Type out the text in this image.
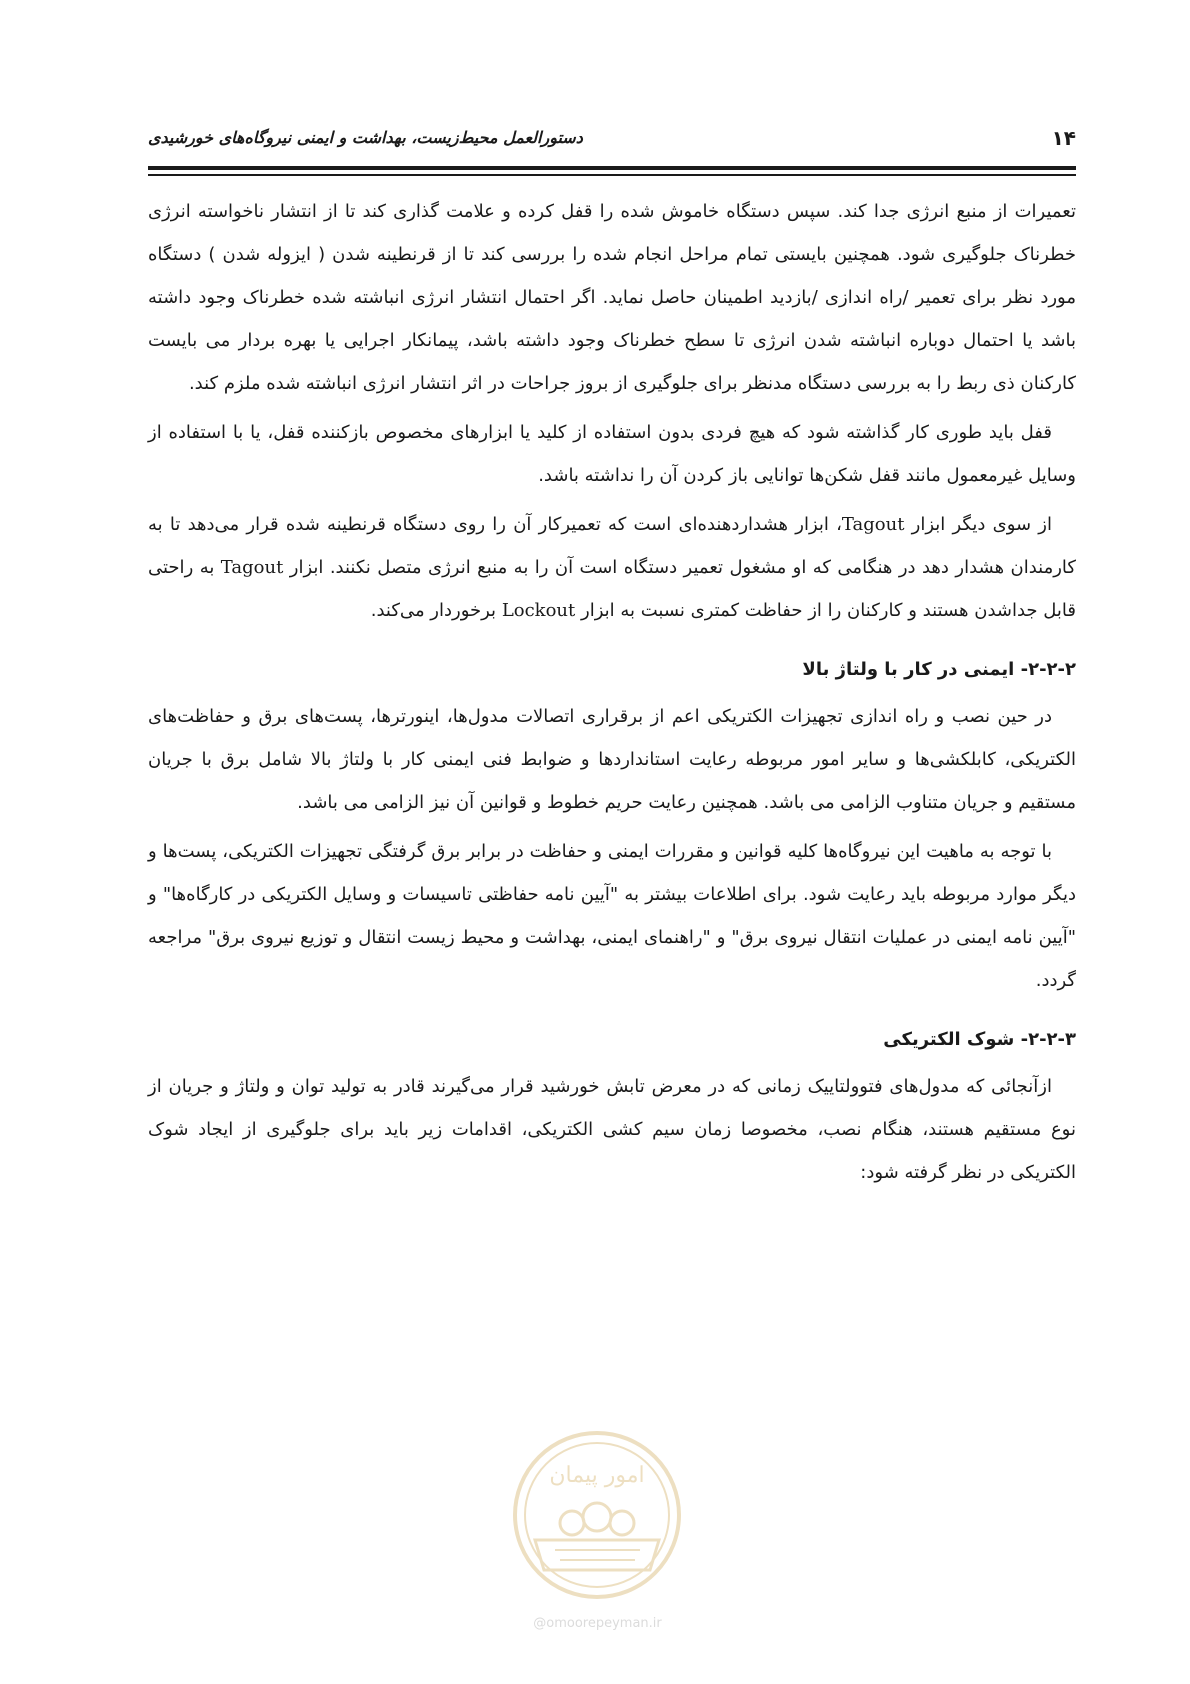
۱۴
دستورالعمل محیط‌زیست، بهداشت و ایمنی نیروگاه‌های خورشیدی

تعمیرات از منبع انرژی جدا کند. سپس دستگاه خاموش شده را قفل کرده و علامت گذاری کند تا از انتشار ناخواسته انرژی خطرناک جلوگیری شود. همچنین بایستی تمام مراحل انجام شده را بررسی کند تا از قرنطینه شدن ( ایزوله شدن ) دستگاه مورد نظر برای تعمیر /راه اندازی /بازدید اطمینان حاصل نماید. اگر احتمال انتشار انرژی انباشته شده خطرناک وجود داشته باشد یا احتمال دوباره انباشته شدن انرژی تا سطح خطرناک وجود داشته باشد، پیمانکار اجرایی یا بهره بردار می بایست کارکنان ذی ربط را به بررسی دستگاه مدنظر برای جلوگیری از بروز جراحات در اثر انتشار انرژی انباشته شده ملزم کند.

قفل باید طوری کار گذاشته شود که هیچ فردی بدون استفاده از کلید یا ابزارهای مخصوص بازکننده قفل، یا با استفاده از وسایل غیرمعمول مانند قفل شکن‌ها توانایی باز کردن آن را نداشته باشد.

از سوی دیگر ابزار Tagout، ابزار هشداردهنده‌ای است که تعمیرکار آن را روی دستگاه قرنطینه شده قرار می‌دهد تا به کارمندان هشدار دهد در هنگامی که او مشغول تعمیر دستگاه است آن را به منبع انرژی متصل نکنند. ابزار Tagout به راحتی قابل جداشدن هستند و کارکنان را از حفاظت کمتری نسبت به ابزار Lockout برخوردار می‌کند.

۲-۲-۲- ایمنی در کار با ولتاژ بالا

در حین نصب و راه اندازی تجهیزات الکتریکی اعم از برقراری اتصالات مدول‌ها، اینورترها، پست‌های برق و حفاظت‌های الکتریکی، کابلکشی‌ها و سایر امور مربوطه رعایت استانداردها و ضوابط فنی ایمنی کار با ولتاژ بالا شامل برق با جریان مستقیم و جریان متناوب الزامی می باشد. همچنین رعایت حریم خطوط و قوانین آن نیز الزامی می باشد.

با توجه به ماهیت این نیروگاه‌ها کلیه قوانین و مقررات ایمنی و حفاظت در برابر برق گرفتگی تجهیزات الکتریکی، پست‌ها و دیگر موارد مربوطه باید رعایت شود. برای اطلاعات بیشتر به "آیین نامه حفاظتی تاسیسات و وسایل الکتریکی در کارگاه‌ها" و "آیین نامه ایمنی در عملیات انتقال نیروی برق" و "راهنمای ایمنی، بهداشت و محیط زیست انتقال و توزیع نیروی برق" مراجعه گردد.

۲-۲-۳- شوک الکتریکی

ازآنجائی که مدول‌های فتوولتاییک زمانی که در معرض تابش خورشید قرار می‌گیرند قادر به تولید توان و ولتاژ و جریان از نوع مستقیم هستند، هنگام نصب، مخصوصا زمان سیم کشی الکتریکی، اقدامات زیر باید برای جلوگیری از ایجاد شوک الکتریکی در نظر گرفته شود:

امور پیمان
@omoorepeyman.ir
